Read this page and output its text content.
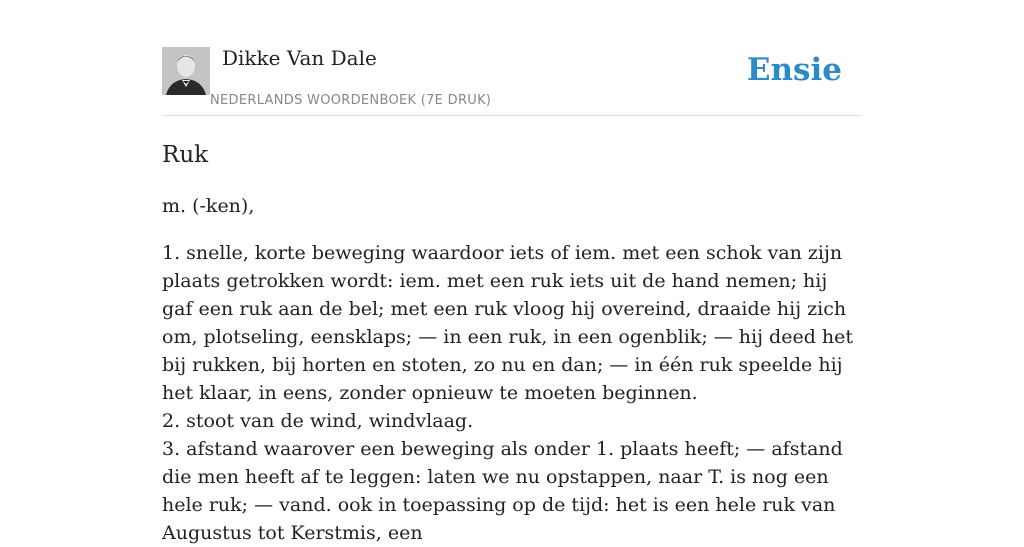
Dikke Van Dale
NEDERLANDS WOORDENBOEK (7E DRUK)
Ensie
Ruk

m. (-ken),

1. snelle, korte beweging waardoor iets of iem. met een schok van zijn plaats getrokken wordt: iem. met een ruk iets uit de hand nemen; hij gaf een ruk aan de bel; met een ruk vloog hij overeind, draaide hij zich om, plotseling, eensklaps; — in een ruk, in een ogenblik; — hij deed het bij rukken, bij horten en stoten, zo nu en dan; — in één ruk speelde hij het klaar, in eens, zonder opnieuw te moeten beginnen.

2. stoot van de wind, windvlaag.

3. afstand waarover een beweging als onder 1. plaats heeft; — afstand die men heeft af te leggen: laten we nu opstappen, naar T. is nog een hele ruk; — vand. ook in toepassing op de tijd: het is een hele ruk van Augustus tot Kerstmis, een
